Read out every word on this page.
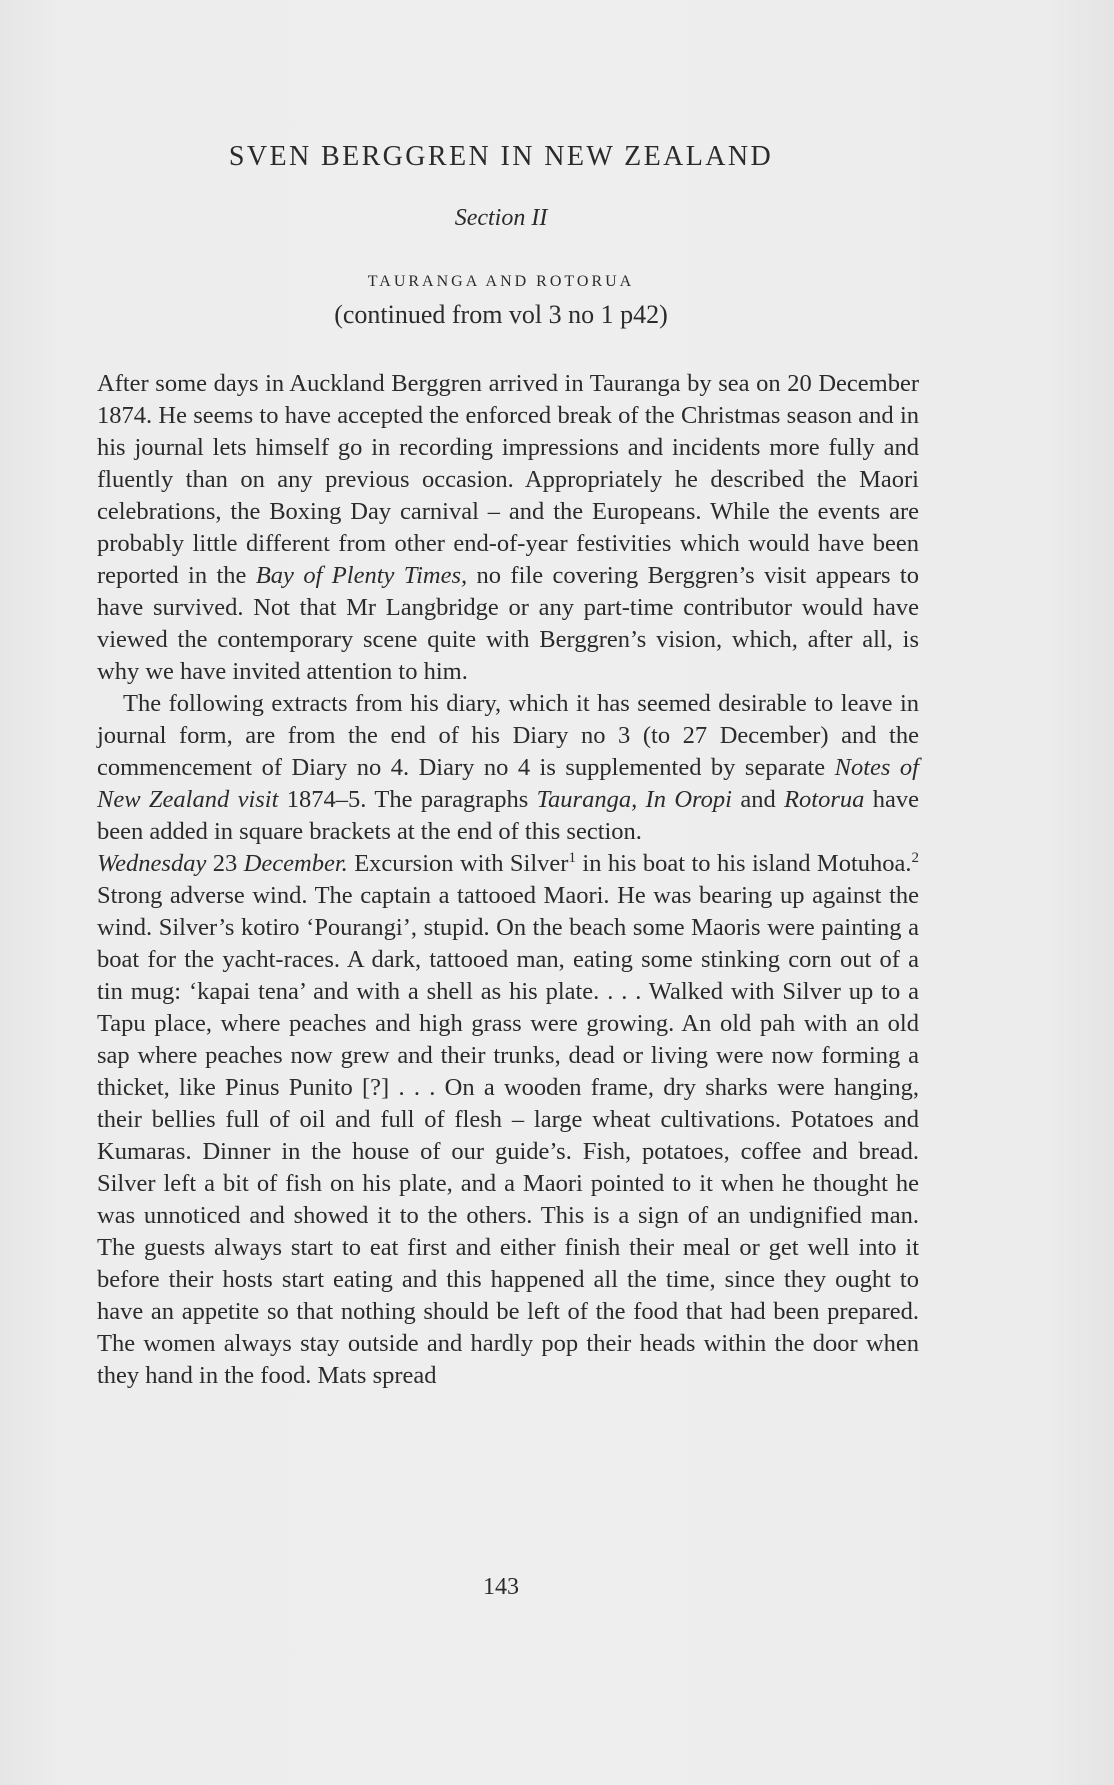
SVEN BERGGREN IN NEW ZEALAND
Section II
TAURANGA AND ROTORUA
(continued from vol 3 no 1 p42)

After some days in Auckland Berggren arrived in Tauranga by sea on 20 December 1874. He seems to have accepted the enforced break of the Christmas season and in his journal lets himself go in recording impressions and incidents more fully and fluently than on any previous occasion. Appropriately he described the Maori celebrations, the Boxing Day carnival – and the Europeans. While the events are probably little different from other end-of-year festivities which would have been reported in the Bay of Plenty Times, no file covering Berggren’s visit appears to have survived. Not that Mr Langbridge or any part-time contributor would have viewed the contemporary scene quite with Berggren’s vision, which, after all, is why we have invited attention to him.

The following extracts from his diary, which it has seemed desirable to leave in journal form, are from the end of his Diary no 3 (to 27 December) and the commencement of Diary no 4. Diary no 4 is supplemented by separate Notes of New Zealand visit 1874–5. The paragraphs Tauranga, In Oropi and Rotorua have been added in square brackets at the end of this section.

Wednesday 23 December. Excursion with Silver$^1$ in his boat to his island Motuhoa.$^2$ Strong adverse wind. The captain a tattooed Maori. He was bearing up against the wind. Silver’s kotiro ‘Pourangi’, stupid. On the beach some Maoris were painting a boat for the yacht-races. A dark, tattooed man, eating some stinking corn out of a tin mug: ‘kapai tena’ and with a shell as his plate. . . . Walked with Silver up to a Tapu place, where peaches and high grass were growing. An old pah with an old sap where peaches now grew and their trunks, dead or living were now forming a thicket, like Pinus Punito [?] . . . On a wooden frame, dry sharks were hanging, their bellies full of oil and full of flesh – large wheat cultivations. Potatoes and Kumaras. Dinner in the house of our guide’s. Fish, potatoes, coffee and bread. Silver left a bit of fish on his plate, and a Maori pointed to it when he thought he was unnoticed and showed it to the others. This is a sign of an undignified man. The guests always start to eat first and either finish their meal or get well into it before their hosts start eating and this happened all the time, since they ought to have an appetite so that nothing should be left of the food that had been prepared. The women always stay outside and hardly pop their heads within the door when they hand in the food. Mats spread

143
